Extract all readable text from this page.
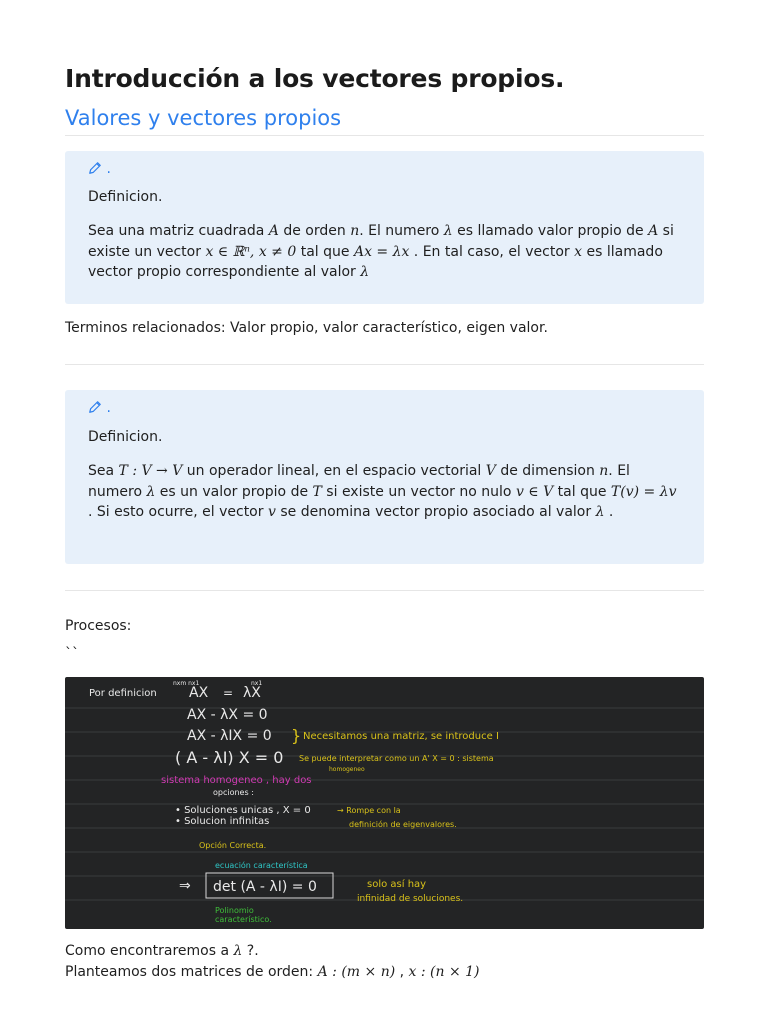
Introducción a los vectores propios.
Valores y vectores propios
.
Definicion.
Sea una matriz cuadrada A de orden n. El numero λ es llamado valor propio de A si existe un vector x ∈ ℝⁿ, x ≠ 0 tal que Ax = λx . En tal caso, el vector x es llamado vector propio correspondiente al valor λ
Terminos relacionados: Valor propio, valor característico, eigen valor.
.
Definicion.
Sea T : V → V un operador lineal, en el espacio vectorial V de dimension n. El numero λ es un valor propio de T si existe un vector no nulo v ∈ V tal que T(v) = λv . Si esto ocurre, el vector v se denomina vector propio asociado al valor λ .
Procesos:
``
Por definicion
nxm nx1	nx1
AX = λX
AX - λX = 0
AX - λIX = 0 } Necesitamos una matriz, se introduce I
( A - λI) X = 0 Se puede interpretar como un A' X = 0 : sistema
homogeneo
sistema homogeneo , hay dos
opciones :
• Soluciones unicas , X = 0
• Solucion infinitas
→ Rompe con la
definición de eigenvalores.
Opción Correcta.
ecuación característica
⇒ det (A - λI) = 0	solo así hay
infinidad de soluciones.
Polinomio
característico.
Como encontraremos a λ ?.
Planteamos dos matrices de orden: A : (m × n) , x : (n × 1)
